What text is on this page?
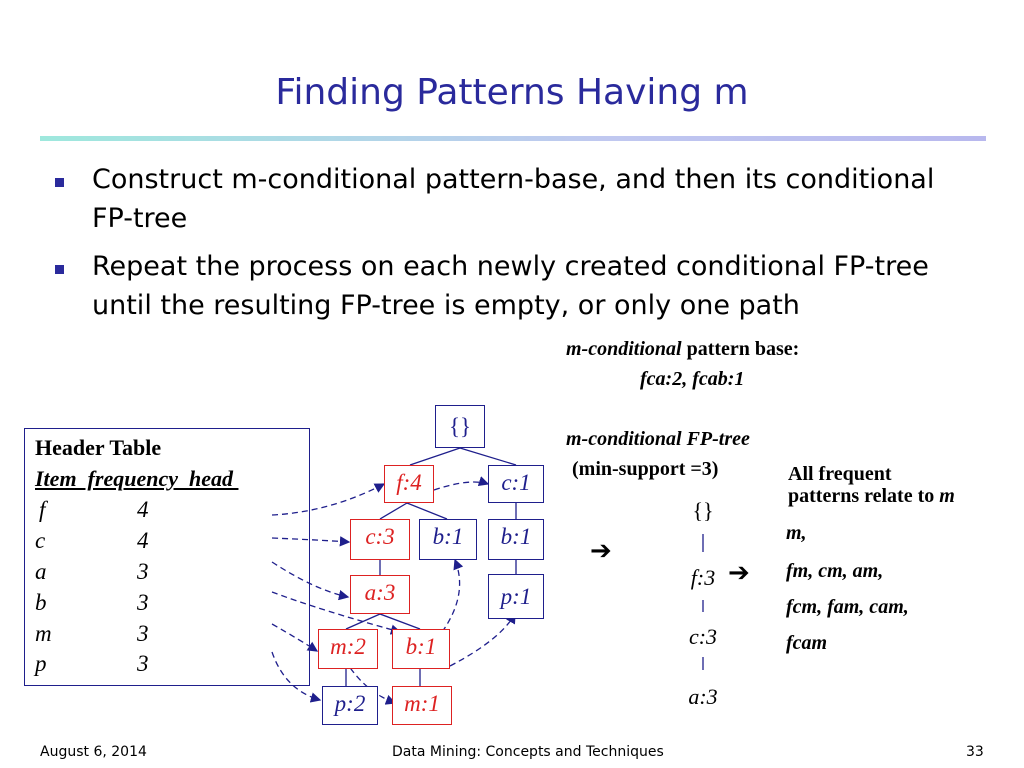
Finding Patterns Having m
Construct m-conditional pattern-base, and then its conditional FP-tree
Repeat the process on each newly created conditional FP-tree until the resulting FP-tree is empty, or only one path
m-conditional pattern base:
fca:2, fcab:1
m-conditional FP-tree
(min-support =3)	All frequent
patterns relate to m
m,
fm, cm, am,
fcm, fam, cam,
fcam
➔
➔
{}
f:3
c:3
a:3
Header Table
Item  frequency  head
f	4
c	4
a	3
b	3
m	3
p	3
{}
f:4	c:1
c:3	b:1	b:1
p:1
a:3
m:2	b:1
p:2	m:1
August 6, 2014	Data Mining: Concepts and Techniques	33
